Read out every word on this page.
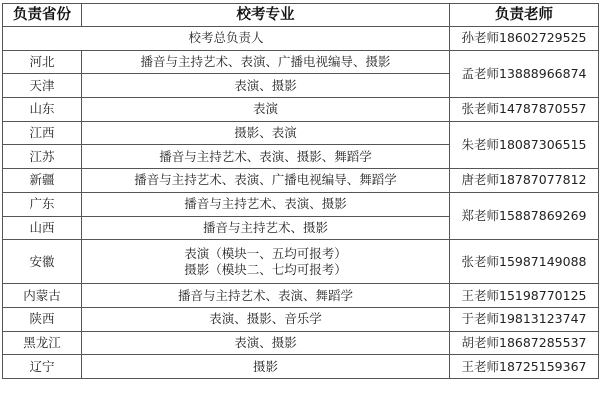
负责省份	校考专业	负责老师
校考总负责人		孙老师18602729525
河北	播音与主持艺术、表演、广播电视编导、摄影	孟老师13888966874
天津	表演、摄影	
山东	表演	张老师14787870557
江西	摄影、表演	朱老师18087306515
江苏	播音与主持艺术、表演、摄影、舞蹈学	
新疆	播音与主持艺术、表演、广播电视编导、舞蹈学	唐老师18787077812
广东	播音与主持艺术、表演、摄影	郑老师15887869269
山西	播音与主持艺术、摄影	
安徽	表演（模块一、五均可报考）
摄影（模块二、七均可报考）	张老师15987149088
内蒙古	播音与主持艺术、表演、舞蹈学	王老师15198770125
陕西	表演、摄影、音乐学	于老师19813123747
黑龙江	表演、摄影	胡老师18687285537
辽宁	摄影	王老师18725159367
